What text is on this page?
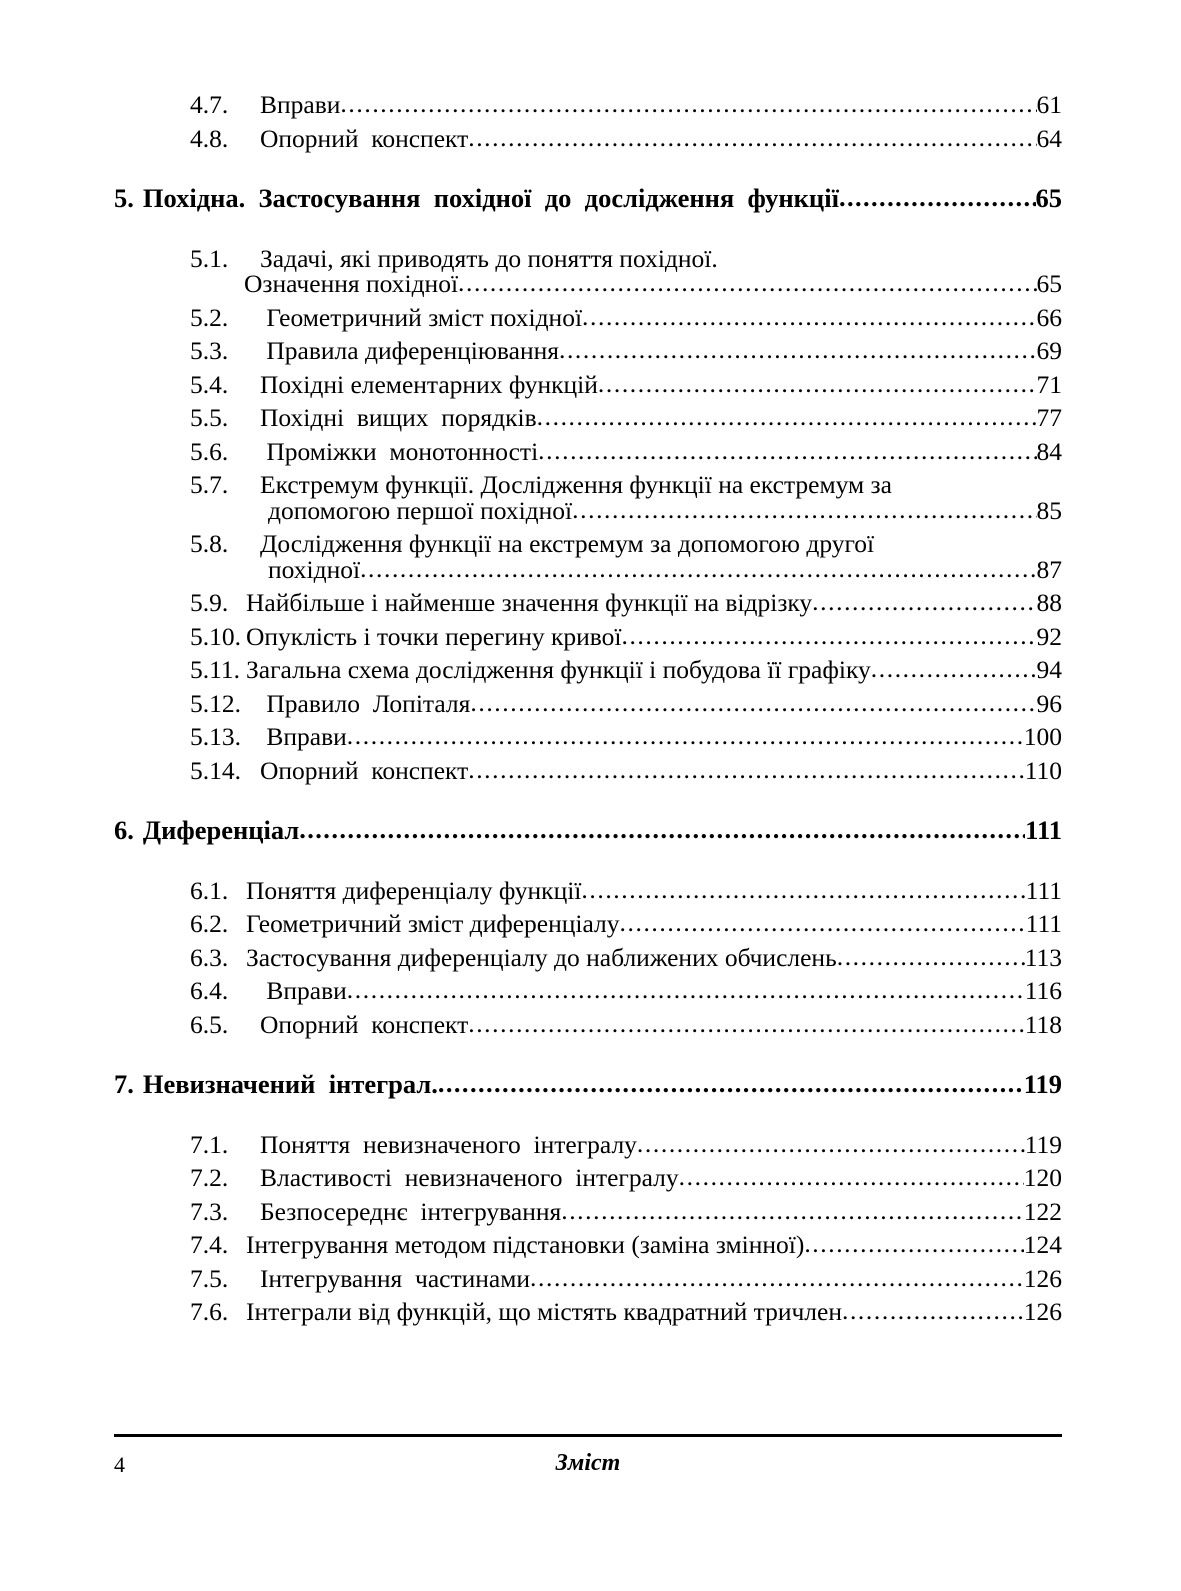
4.7.	Вправи .....	61
4.8.	Опорний  конспект .....	64
5. Похідна.  Застосування  похідної  до  дослідження  функції .....	65
5.1.	Задачі, які приводять до поняття похідної.
Означення похідної .....	65
5.2.	Геометричний зміст похідної .....	66
5.3.	Правила диференціювання .....	69
5.4.	Похідні елементарних функцій .....	71
5.5.	Похідні  вищих  порядків .....	77
5.6.	Проміжки  монотонності .....	84
5.7.	Екстремум функції. Дослідження функції на екстремум за
допомогою першої похідної .....	85
5.8.	Дослідження функції на екстремум за допомогою другої
похідної .....	87
5.9. Найбільше і найменше значення функції на відрізку .....	88
5.10. Опуклість і точки перегину кривої .....	92
5.11. Загальна схема дослідження функції і побудова її графіку .....	94
5.12. Правило  Лопіталя .....	96
5.13. Вправи .....	100
5.14. Опорний  конспект .....	110
6. Диференціал .....	111
6.1. Поняття диференціалу функції .....	111
6.2. Геометричний зміст диференціалу .....	111
6.3. Застосування диференціалу до наближених обчислень .....	113
6.4.	Вправи .....	116
6.5.	Опорний  конспект .....	118
7. Невизначений  інтеграл. .....	119
7.1.	Поняття  невизначеного  інтегралу .....	119
7.2.	Властивості  невизначеного  інтегралу .....	120
7.3.	Безпосереднє  інтегрування .....	122
7.4. Інтегрування методом підстановки (заміна змінної) .....	124
7.5.	Інтегрування  частинами .....	126
7.6. Інтеграли від функцій, що містять квадратний тричлен .....	126
4	Зміст
